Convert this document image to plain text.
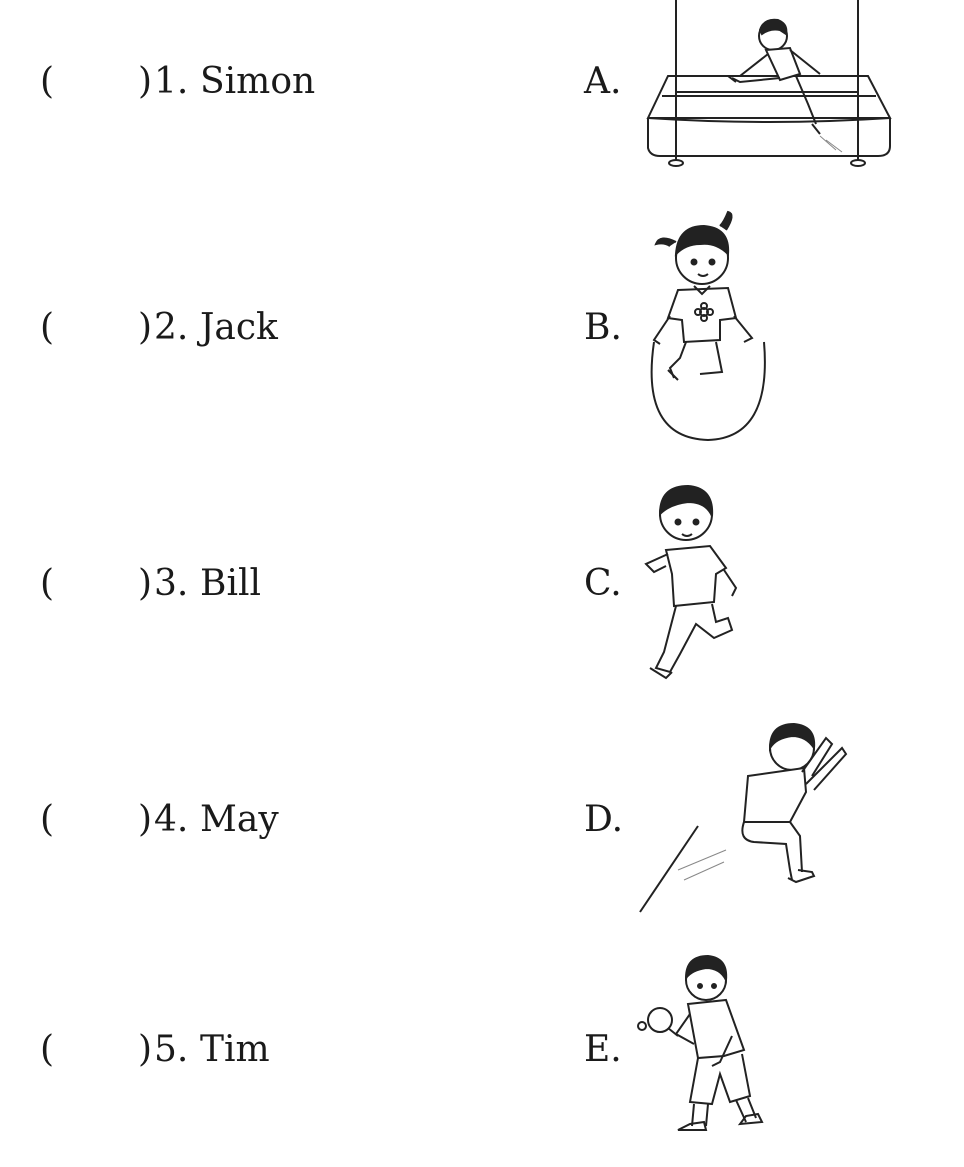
( ) 1. Simon	A.
( ) 2. Jack	B.
( ) 3. Bill	C.
( ) 4. May	D.
( ) 5. Tim	E.
